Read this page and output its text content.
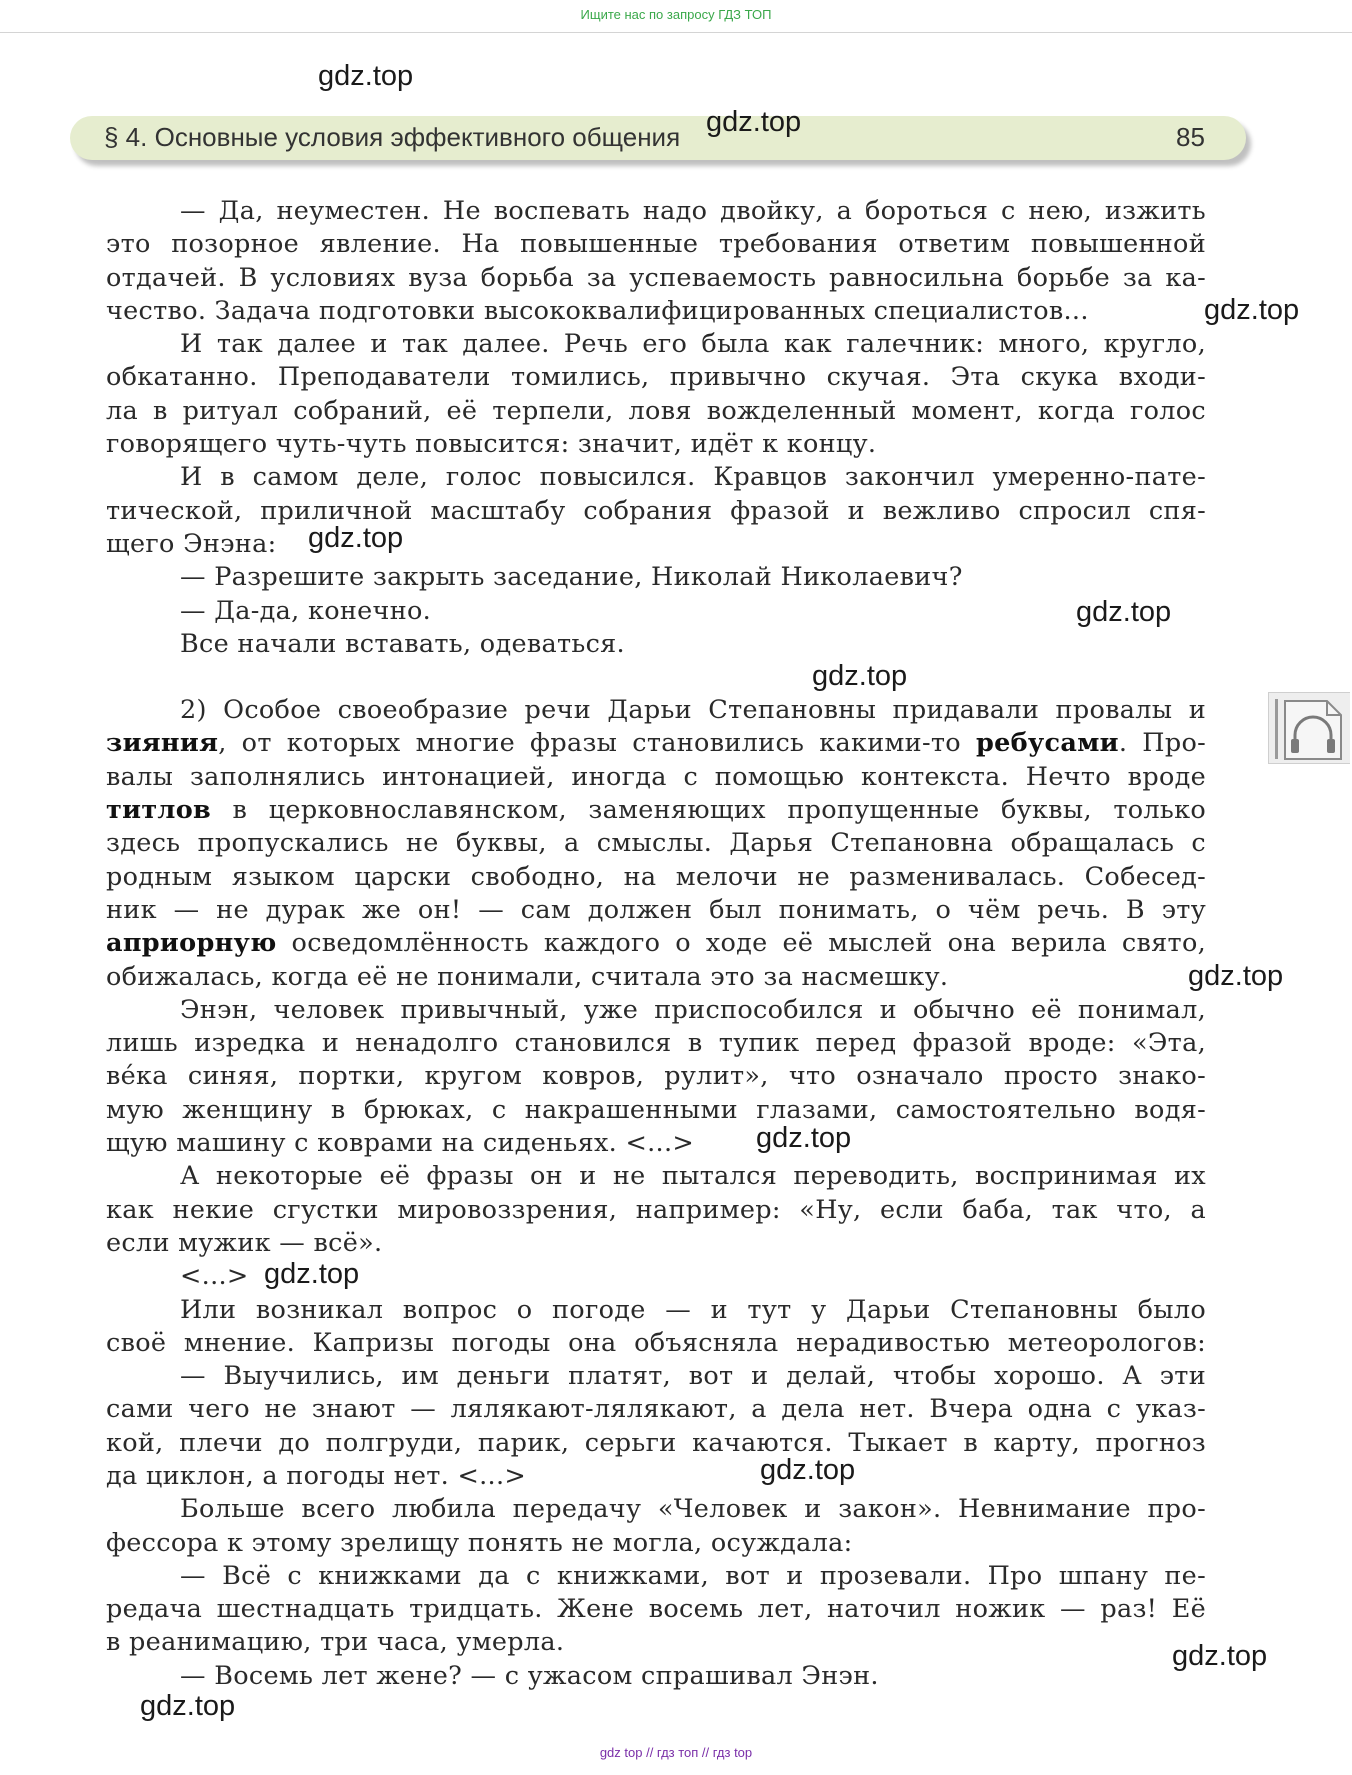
Ищите нас по запросу ГДЗ ТОП
gdz.top
§ 4. Основные условия эффективного общения	85
gdz.top
— Да, неуместен. Не воспевать надо двойку, а бороться с нею, изжить
это позорное явление. На повышенные требования ответим повышенной
отдачей. В условиях вуза борьба за успеваемость равносильна борьбе за ка-
чество. Задача подготовки высококвалифицированных специалистов...
И так далее и так далее. Речь его была как галечник: много, кругло,
обкатанно. Преподаватели томились, привычно скучая. Эта скука входи-
ла в ритуал собраний, её терпели, ловя вожделенный момент, когда голос
говорящего чуть-чуть повысится: значит, идёт к концу.
И в самом деле, голос повысился. Кравцов закончил умеренно-пате-
тической, приличной масштабу собрания фразой и вежливо спросил спя-
щего Энэна:
— Разрешите закрыть заседание, Николай Николаевич?
— Да-да, конечно.
Все начали вставать, одеваться.
2) Особое своеобразие речи Дарьи Степановны придавали провалы и
зияния, от которых многие фразы становились какими-то ребусами. Про-
валы заполнялись интонацией, иногда с помощью контекста. Нечто вроде
титлов в церковнославянском, заменяющих пропущенные буквы, только
здесь пропускались не буквы, а смыслы. Дарья Степановна обращалась с
родным языком царски свободно, на мелочи не разменивалась. Собесед-
ник — не дурак же он! — сам должен был понимать, о чём речь. В эту
априорную осведомлённость каждого о ходе её мыслей она верила свято,
обижалась, когда её не понимали, считала это за насмешку.
Энэн, человек привычный, уже приспособился и обычно её понимал,
лишь изредка и ненадолго становился в тупик перед фразой вроде: «Эта,
ве́ка синяя, портки, кругом ковров, рулит», что означало просто знако-
мую женщину в брюках, с накрашенными глазами, самостоятельно водя-
щую машину с коврами на сиденьях. <...>
А некоторые её фразы он и не пытался переводить, воспринимая их
как некие сгустки мировоззрения, например: «Ну, если баба, так что, а
если мужик — всё».
<...>
Или возникал вопрос о погоде — и тут у Дарьи Степановны было
своё мнение. Капризы погоды она объясняла нерадивостью метеорологов:
— Выучились, им деньги платят, вот и делай, чтобы хорошо. А эти
сами чего не знают — лялякают-лялякают, а дела нет. Вчера одна с указ-
кой, плечи до полгруди, парик, серьги качаются. Тыкает в карту, прогноз
да циклон, а погоды нет. <...>
Больше всего любила передачу «Человек и закон». Невнимание про-
фессора к этому зрелищу понять не могла, осуждала:
— Всё с книжками да с книжками, вот и прозевали. Про шпану пе-
редача шестнадцать тридцать. Жене восемь лет, наточил ножик — раз! Её
в реанимацию, три часа, умерла.
— Восемь лет жене? — с ужасом спрашивал Энэн.
gdz.top
gdz.top
gdz.top
gdz.top
gdz.top
gdz.top
gdz.top
gdz.top
gdz.top
gdz.top
gdz top // гдз топ // гдз top
